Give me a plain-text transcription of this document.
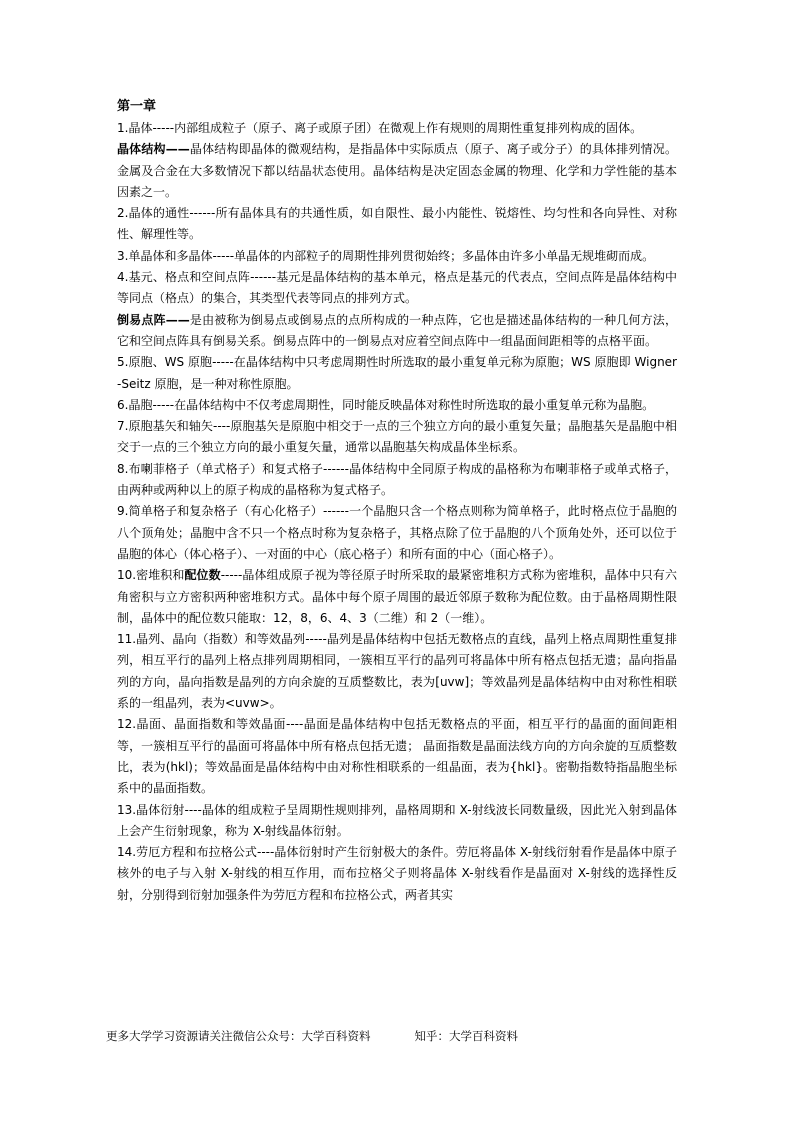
第一章

1.晶体-----内部组成粒子（原子、离子或原子团）在微观上作有规则的周期性重复排列构成的固体。

晶体结构——晶体结构即晶体的微观结构，是指晶体中实际质点（原子、离子或分子）的具体排列情况。金属及合金在大多数情况下都以结晶状态使用。晶体结构是决定固态金属的物理、化学和力学性能的基本因素之一。

2.晶体的通性------所有晶体具有的共通性质，如自限性、最小内能性、锐熔性、均匀性和各向异性、对称性、解理性等。

3.单晶体和多晶体-----单晶体的内部粒子的周期性排列贯彻始终；多晶体由许多小单晶无规堆砌而成。

4.基元、格点和空间点阵------基元是晶体结构的基本单元，格点是基元的代表点，空间点阵是晶体结构中等同点（格点）的集合，其类型代表等同点的排列方式。

倒易点阵——是由被称为倒易点或倒易点的点所构成的一种点阵，它也是描述晶体结构的一种几何方法，它和空间点阵具有倒易关系。倒易点阵中的一倒易点对应着空间点阵中一组晶面间距相等的点格平面。

5.原胞、WS 原胞-----在晶体结构中只考虑周期性时所选取的最小重复单元称为原胞；WS 原胞即 Wigner-Seitz 原胞，是一种对称性原胞。

6.晶胞-----在晶体结构中不仅考虑周期性，同时能反映晶体对称性时所选取的最小重复单元称为晶胞。

7.原胞基矢和轴矢----原胞基矢是原胞中相交于一点的三个独立方向的最小重复矢量；晶胞基矢是晶胞中相交于一点的三个独立方向的最小重复矢量，通常以晶胞基矢构成晶体坐标系。

8.布喇菲格子（单式格子）和复式格子------晶体结构中全同原子构成的晶格称为布喇菲格子或单式格子，由两种或两种以上的原子构成的晶格称为复式格子。

9.简单格子和复杂格子（有心化格子）------一个晶胞只含一个格点则称为简单格子，此时格点位于晶胞的八个顶角处；晶胞中含不只一个格点时称为复杂格子，其格点除了位于晶胞的八个顶角处外，还可以位于晶胞的体心（体心格子）、一对面的中心（底心格子）和所有面的中心（面心格子）。

10.密堆积和配位数-----晶体组成原子视为等径原子时所采取的最紧密堆积方式称为密堆积，晶体中只有六角密积与立方密积两种密堆积方式。晶体中每个原子周围的最近邻原子数称为配位数。由于晶格周期性限制，晶体中的配位数只能取：12，8，6、4、3（二维）和 2（一维）。

11.晶列、晶向（指数）和等效晶列-----晶列是晶体结构中包括无数格点的直线，晶列上格点周期性重复排列，相互平行的晶列上格点排列周期相同，一簇相互平行的晶列可将晶体中所有格点包括无遗；晶向指晶列的方向，晶向指数是晶列的方向余旋的互质整数比，表为[uvw]；等效晶列是晶体结构中由对称性相联系的一组晶列，表为<uvw>。

12.晶面、晶面指数和等效晶面----晶面是晶体结构中包括无数格点的平面，相互平行的晶面的面间距相等，一簇相互平行的晶面可将晶体中所有格点包括无遗； 晶面指数是晶面法线方向的方向余旋的互质整数比，表为(hkl)；等效晶面是晶体结构中由对称性相联系的一组晶面，表为{hkl}。密勒指数特指晶胞坐标系中的晶面指数。

13.晶体衍射----晶体的组成粒子呈周期性规则排列，晶格周期和 X-射线波长同数量级，因此光入射到晶体上会产生衍射现象，称为 X-射线晶体衍射。

14.劳厄方程和布拉格公式----晶体衍射时产生衍射极大的条件。劳厄将晶体 X-射线衍射看作是晶体中原子核外的电子与入射 X-射线的相互作用，而布拉格父子则将晶体 X-射线看作是晶面对 X-射线的选择性反射，分别得到衍射加强条件为劳厄方程和布拉格公式，两者其实

更多大学学习资源请关注微信公众号：大学百科资料	知乎：大学百科资料
